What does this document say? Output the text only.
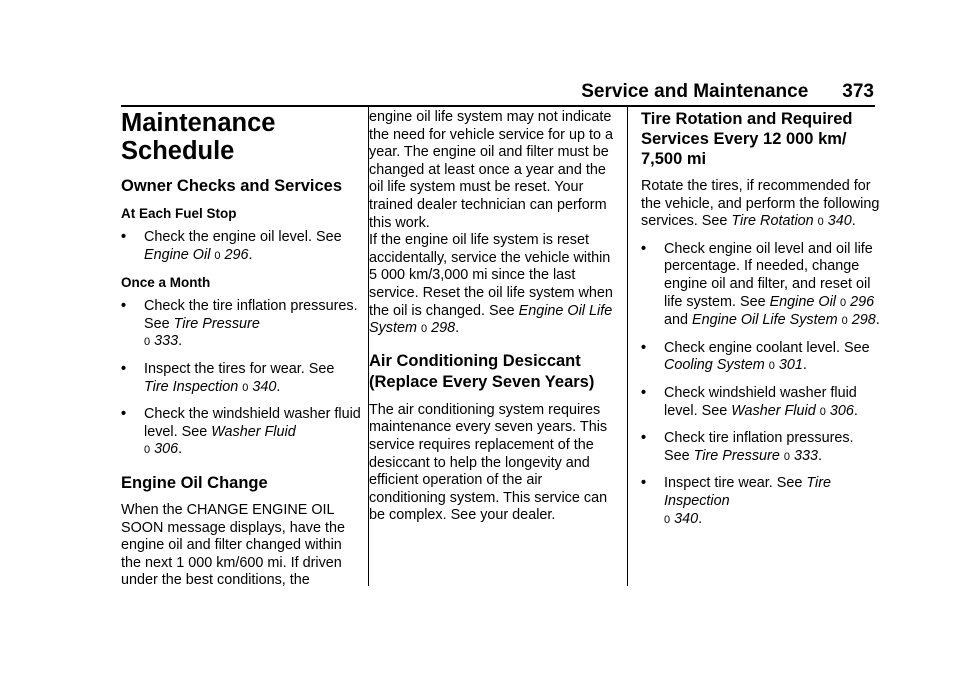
Service and Maintenance 373
Maintenance
Schedule
Owner Checks and Services
At Each Fuel Stop
•	Check the engine oil level. See Engine Oil 0 296.
Once a Month
•	Check the tire inflation pressures. See Tire Pressure
0 333.
•	Inspect the tires for wear. See Tire Inspection 0 340.
•	Check the windshield washer fluid level. See Washer Fluid
0 306.
Engine Oil Change

When the CHANGE ENGINE OIL SOON message displays, have the engine oil and filter changed within the next 1 000 km/600 mi. If driven under the best conditions, the

engine oil life system may not indicate the need for vehicle service for up to a year. The engine oil and filter must be changed at least once a year and the oil life system must be reset. Your trained dealer technician can perform this work.

If the engine oil life system is reset accidentally, service the vehicle within 5 000 km/3,000 mi since the last service. Reset the oil life system when the oil is changed. See Engine Oil Life System 0 298.

Air Conditioning Desiccant (Replace Every Seven Years)

The air conditioning system requires maintenance every seven years. This service requires replacement of the desiccant to help the longevity and efficient operation of the air conditioning system. This service can be complex. See your dealer.

Tire Rotation and Required Services Every 12 000 km/ 7,500 mi

Rotate the tires, if recommended for the vehicle, and perform the following services. See Tire Rotation 0 340.

•	Check engine oil level and oil life percentage. If needed, change engine oil and filter, and reset oil life system. See Engine Oil 0 296 and Engine Oil Life System 0 298.
•	Check engine coolant level. See Cooling System 0 301.
•	Check windshield washer fluid level. See Washer Fluid 0 306.
•	Check tire inflation pressures. See Tire Pressure 0 333.
•	Inspect tire wear. See Tire Inspection
0 340.
